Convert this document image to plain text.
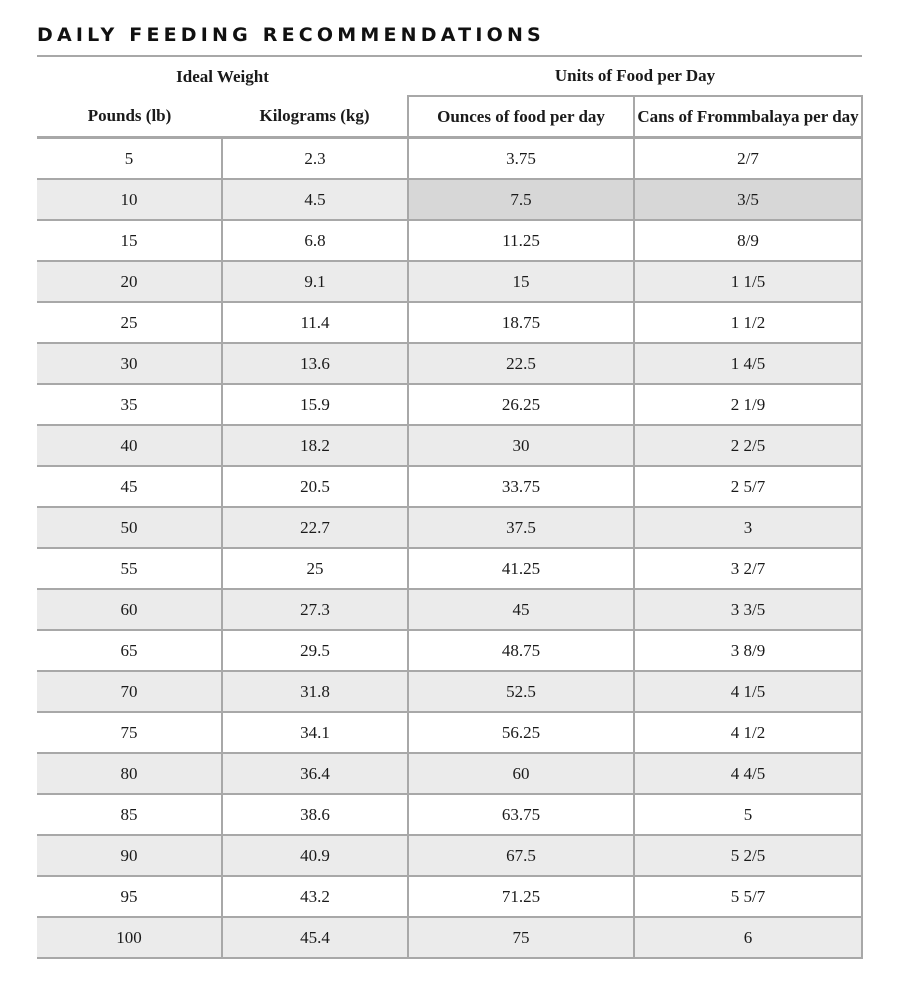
DAILY FEEDING RECOMMENDATIONS
Ideal Weight		Units of Food per Day	
Pounds (lb)	Kilograms (kg)	Ounces of food per day	Cans of Frommbalaya per day
5	2.3	3.75	2/7
10	4.5	7.5	3/5
15	6.8	11.25	8/9
20	9.1	15	1 1/5
25	11.4	18.75	1 1/2
30	13.6	22.5	1 4/5
35	15.9	26.25	2 1/9
40	18.2	30	2 2/5
45	20.5	33.75	2 5/7
50	22.7	37.5	3
55	25	41.25	3 2/7
60	27.3	45	3 3/5
65	29.5	48.75	3 8/9
70	31.8	52.5	4 1/5
75	34.1	56.25	4 1/2
80	36.4	60	4 4/5
85	38.6	63.75	5
90	40.9	67.5	5 2/5
95	43.2	71.25	5 5/7
100	45.4	75	6
